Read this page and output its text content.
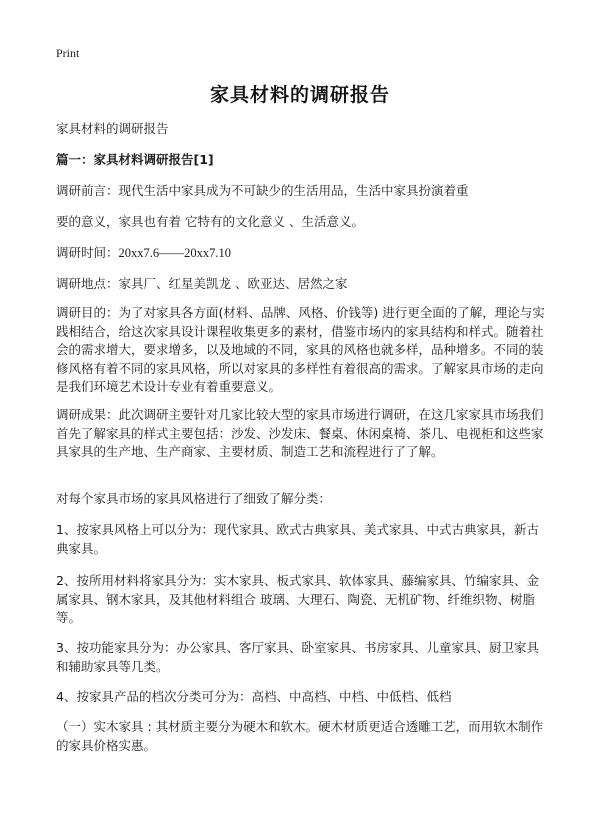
Print
家具材料的调研报告
家具材料的调研报告
篇一：家具材料调研报告[1]
调研前言：现代生活中家具成为不可缺少的生活用品，生活中家具扮演着重
要的意义，家具也有着 它特有的文化意义 、生活意义。
调研时间：20xx7.6——20xx7.10
调研地点：家具厂、红星美凯龙 、欧亚达、居然之家
调研目的：为了对家具各方面(材料、品牌、风格、价钱等) 进行更全面的了解，理论与实践相结合，给这次家具设计课程收集更多的素材，借鉴市场内的家具结构和样式。随着社会的需求增大，要求增多，以及地域的不同，家具的风格也就多样，品种增多。不同的装修风格有着不同的家具风格，所以对家具的多样性有着很高的需求。了解家具市场的走向是我们环境艺术设计专业有着重要意义。
调研成果：此次调研主要针对几家比较大型的家具市场进行调研，在这几家家具市场我们首先了解家具的样式主要包括：沙发、沙发床、餐桌、休闲桌椅、茶几、电视柜和这些家具家具的生产地、生产商家、主要材质、制造工艺和流程进行了了解。
对每个家具市场的家具风格进行了细致了解分类：
1、按家具风格上可以分为：现代家具、欧式古典家具、美式家具、中式古典家具，新古典家具。
2、按所用材料将家具分为：实木家具、板式家具、软体家具、藤编家具、竹编家具、金属家具、钢木家具，及其他材料组合 玻璃、大理石、陶瓷、无机矿物、纤维织物、树脂等。
3、按功能家具分为：办公家具、客厅家具、卧室家具、书房家具、儿童家具、厨卫家具和辅助家具等几类。
4、按家具产品的档次分类可分为：高档、中高档、中档、中低档、低档
（一）实木家具 : 其材质主要分为硬木和软木。硬木材质更适合透雕工艺，而用软木制作的家具价格实惠。
